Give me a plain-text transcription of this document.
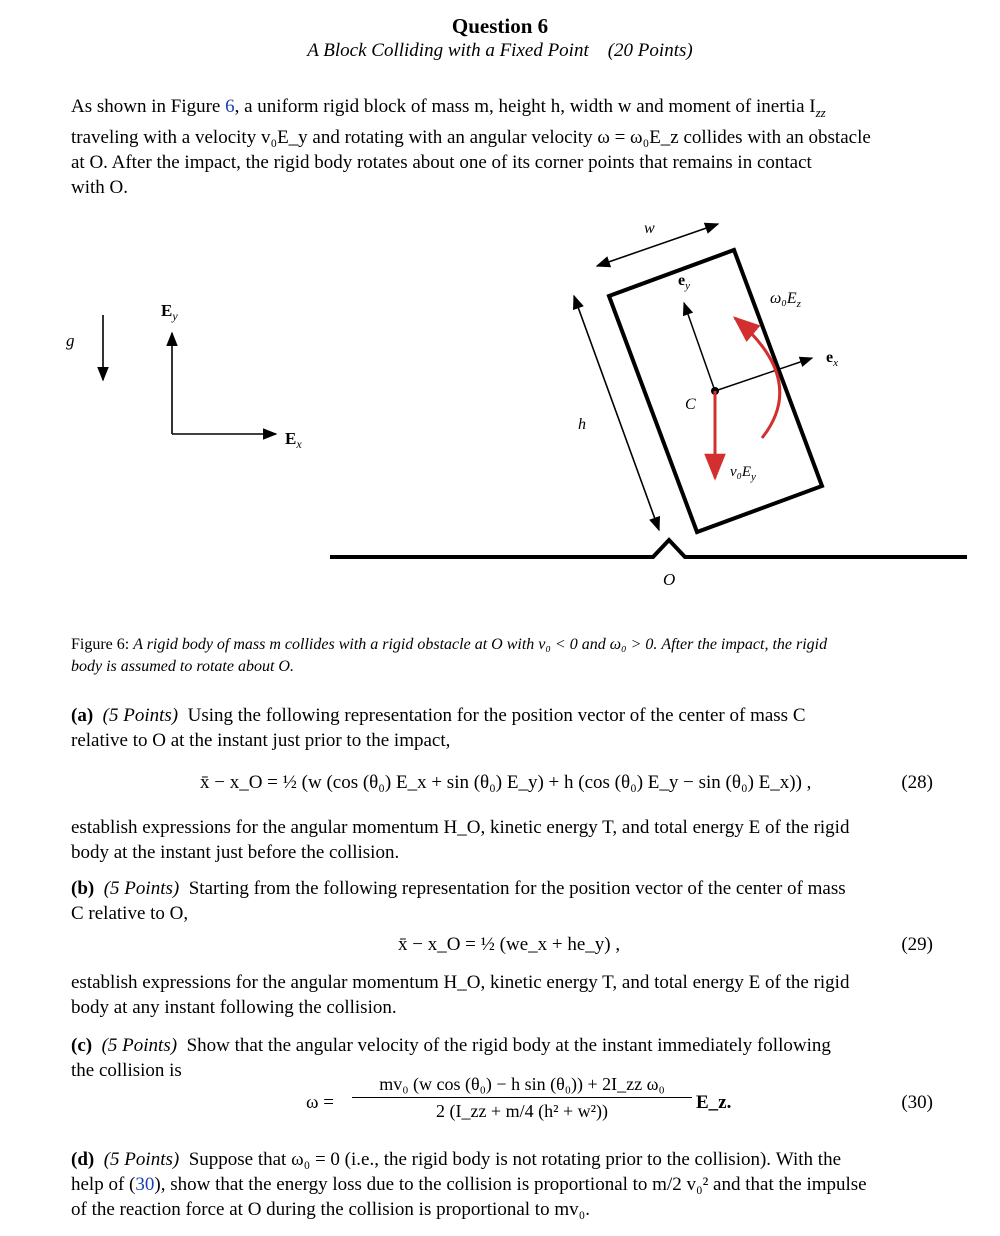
Question 6
A Block Colliding with a Fixed Point (20 Points)
As shown in Figure 6, a uniform rigid block of mass m, height h, width w and moment of inertia $I_{zz}$
traveling with a velocity v₀E_y and rotating with an angular velocity ω = ω₀E_z collides with an obstacle
at O. After the impact, the rigid body rotates about one of its corner points that remains in contact
with O.
g
$E_y$
$E_x$
w
h
$e_y$
$e_x$
C
$\omega_0E_z$
$v_0E_y$
O
Figure 6: A rigid body of mass m collides with a rigid obstacle at O with v₀ < 0 and ω₀ > 0. After the impact, the rigid
body is assumed to rotate about O.
(a) (5 Points) Using the following representation for the position vector of the center of mass C
relative to O at the instant just prior to the impact,
x̄ − x_O = ½ (w (cos (θ₀) E_x + sin (θ₀) E_y) + h (cos (θ₀) E_y − sin (θ₀) E_x)) ,	(28)
establish expressions for the angular momentum H_O, kinetic energy T, and total energy E of the rigid
body at the instant just before the collision.
(b) (5 Points) Starting from the following representation for the position vector of the center of mass
C relative to O,
x̄ − x_O = ½ (we_x + he_y) ,	(29)
establish expressions for the angular momentum H_O, kinetic energy T, and total energy E of the rigid
body at any instant following the collision.
(c) (5 Points) Show that the angular velocity of the rigid body at the instant immediately following
the collision is
ω =
mv₀ (w cos (θ₀) − h sin (θ₀)) + 2I_zz ω₀
2 (I_zz + m/4 (h² + w²))	E_z.	(30)
(d) (5 Points) Suppose that ω₀ = 0 (i.e., the rigid body is not rotating prior to the collision). With the
help of (30), show that the energy loss due to the collision is proportional to m/2 v₀² and that the impulse
of the reaction force at O during the collision is proportional to mv₀.
